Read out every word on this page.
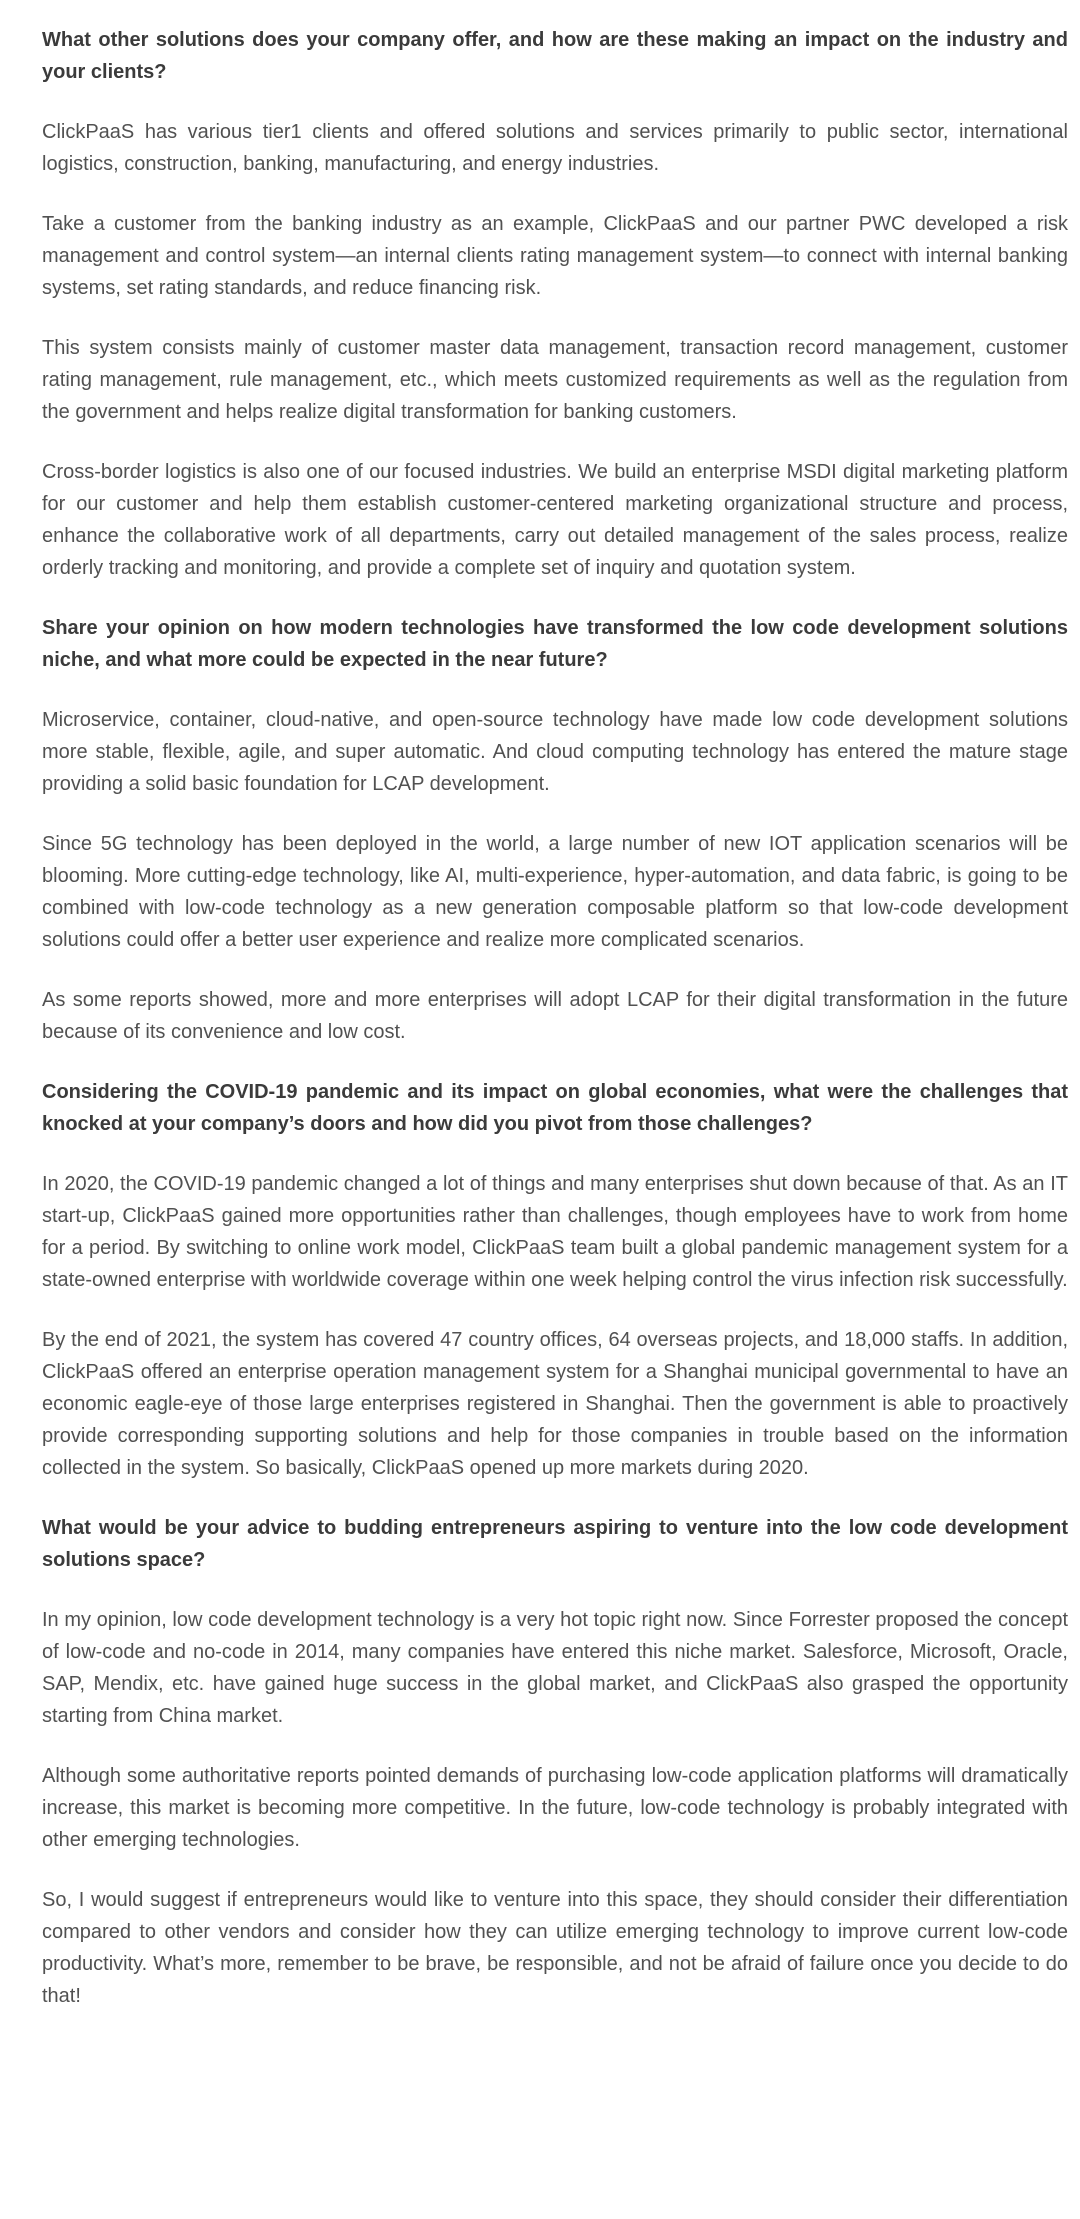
What other solutions does your company offer, and how are these making an impact on the industry and your clients?

ClickPaaS has various tier1 clients and offered solutions and services primarily to public sector, international logistics, construction, banking, manufacturing, and energy industries.

Take a customer from the banking industry as an example, ClickPaaS and our partner PWC developed a risk management and control system—an internal clients rating management system—to connect with internal banking systems, set rating standards, and reduce financing risk.

This system consists mainly of customer master data management, transaction record management, customer rating management, rule management, etc., which meets customized requirements as well as the regulation from the government and helps realize digital transformation for banking customers.

Cross-border logistics is also one of our focused industries. We build an enterprise MSDI digital marketing platform for our customer and help them establish customer-centered marketing organizational structure and process, enhance the collaborative work of all departments, carry out detailed management of the sales process, realize orderly tracking and monitoring, and provide a complete set of inquiry and quotation system.

Share your opinion on how modern technologies have transformed the low code development solutions niche, and what more could be expected in the near future?

Microservice, container, cloud-native, and open-source technology have made low code development solutions more stable, flexible, agile, and super automatic. And cloud computing technology has entered the mature stage providing a solid basic foundation for LCAP development.

Since 5G technology has been deployed in the world, a large number of new IOT application scenarios will be blooming. More cutting-edge technology, like AI, multi-experience, hyper-automation, and data fabric, is going to be combined with low-code technology as a new generation composable platform so that low-code development solutions could offer a better user experience and realize more complicated scenarios.

As some reports showed, more and more enterprises will adopt LCAP for their digital transformation in the future because of its convenience and low cost.

Considering the COVID-19 pandemic and its impact on global economies, what were the challenges that knocked at your company’s doors and how did you pivot from those challenges?

In 2020, the COVID-19 pandemic changed a lot of things and many enterprises shut down because of that. As an IT start-up, ClickPaaS gained more opportunities rather than challenges, though employees have to work from home for a period. By switching to online work model, ClickPaaS team built a global pandemic management system for a state-owned enterprise with worldwide coverage within one week helping control the virus infection risk successfully.

By the end of 2021, the system has covered 47 country offices, 64 overseas projects, and 18,000 staffs. In addition, ClickPaaS offered an enterprise operation management system for a Shanghai municipal governmental to have an economic eagle-eye of those large enterprises registered in Shanghai. Then the government is able to proactively provide corresponding supporting solutions and help for those companies in trouble based on the information collected in the system. So basically, ClickPaaS opened up more markets during 2020.

What would be your advice to budding entrepreneurs aspiring to venture into the low code development solutions space?

In my opinion, low code development technology is a very hot topic right now. Since Forrester proposed the concept of low-code and no-code in 2014, many companies have entered this niche market. Salesforce, Microsoft, Oracle, SAP, Mendix, etc. have gained huge success in the global market, and ClickPaaS also grasped the opportunity starting from China market.

Although some authoritative reports pointed demands of purchasing low-code application platforms will dramatically increase, this market is becoming more competitive. In the future, low-code technology is probably integrated with other emerging technologies.

So, I would suggest if entrepreneurs would like to venture into this space, they should consider their differentiation compared to other vendors and consider how they can utilize emerging technology to improve current low-code productivity. What’s more, remember to be brave, be responsible, and not be afraid of failure once you decide to do that!
